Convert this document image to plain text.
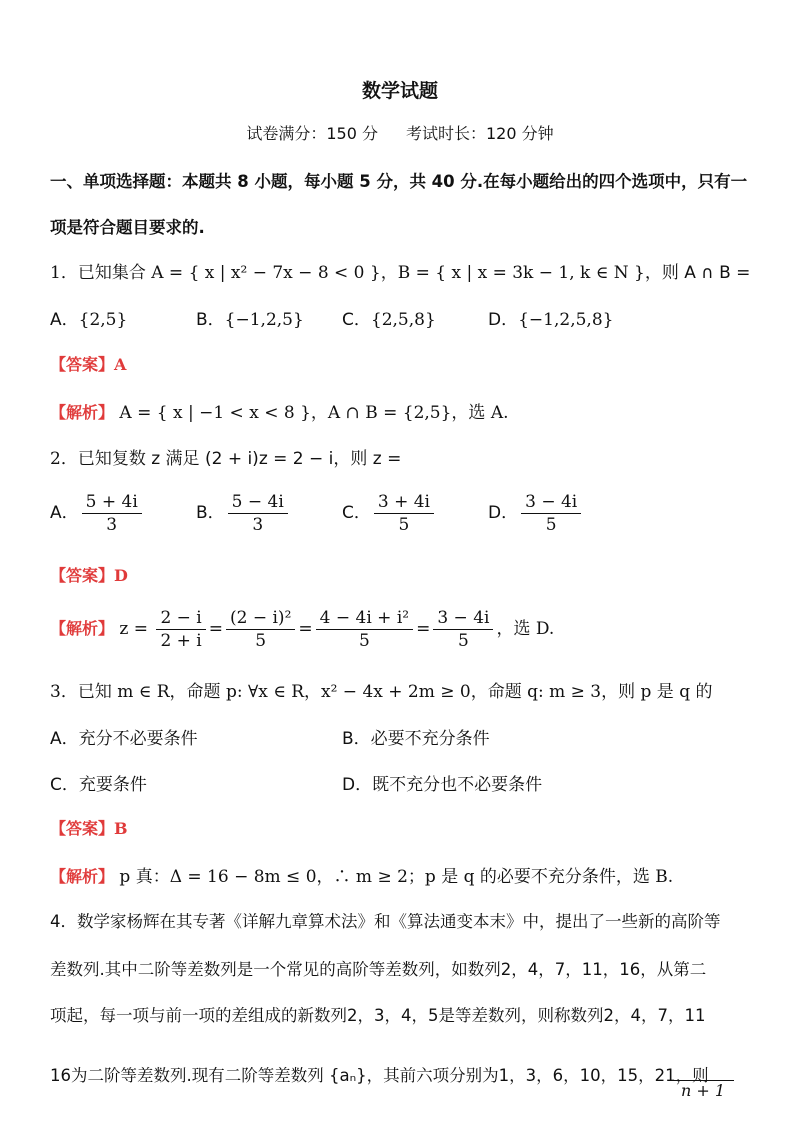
数学试题
试卷满分：150 分 考试时长：120 分钟
一、单项选择题：本题共 8 小题，每小题 5 分，共 40 分.在每小题给出的四个选项中，只有一
项是符合题目要求的.
1．已知集合 A = { x | x² − 7x − 8 < 0 }，B = { x | x = 3k − 1, k ∈ N }，则 A ∩ B =
A．{2,5}	B．{−1,2,5} C．{2,5,8}	D．{−1,2,5,8}
【答案】A
【解析】 A = { x | −1 < x < 8 }，A ∩ B = {2,5}，选 A.
2．已知复数 z 满足 (2 + i)z = 2 − i，则 z =
A． $\frac{5 + 4i}{3}$	B． $\frac{5 - 4i}{3}$	C． $\frac{3 + 4i}{5}$	D． $\frac{3 - 4i}{5}$
【答案】D
【解析】 $z = \frac{2 - i}{2 + i} = \frac{\text{(2 − i)²}}{5} = \frac{\text{4 − 4i + i²}}{5} = \frac{3 - 4i}{5}$ ，选 D.
3．已知 m ∈ R，命题 p: ∀x ∈ R，x² − 4x + 2m ≥ 0，命题 q: m ≥ 3，则 p 是 q 的
A．充分不必要条件	B．必要不充分条件
C．充要条件	D．既不充分也不必要条件
【答案】B
【解析】 p 真：Δ = 16 − 8m ≤ 0，∴ m ≥ 2；p 是 q 的必要不充分条件，选 B.
4．数学家杨辉在其专著《详解九章算术法》和《算法通变本末》中，提出了一些新的高阶等
差数列.其中二阶等差数列是一个常见的高阶等差数列，如数列2，4，7，11，16，从第二
项起，每一项与前一项的差组成的新数列2，3，4，5是等差数列，则称数列2，4，7，11
16为二阶等差数列.现有二阶等差数列 {aₙ}，其前六项分别为1，3，6，10，15，21，则
n + 1
